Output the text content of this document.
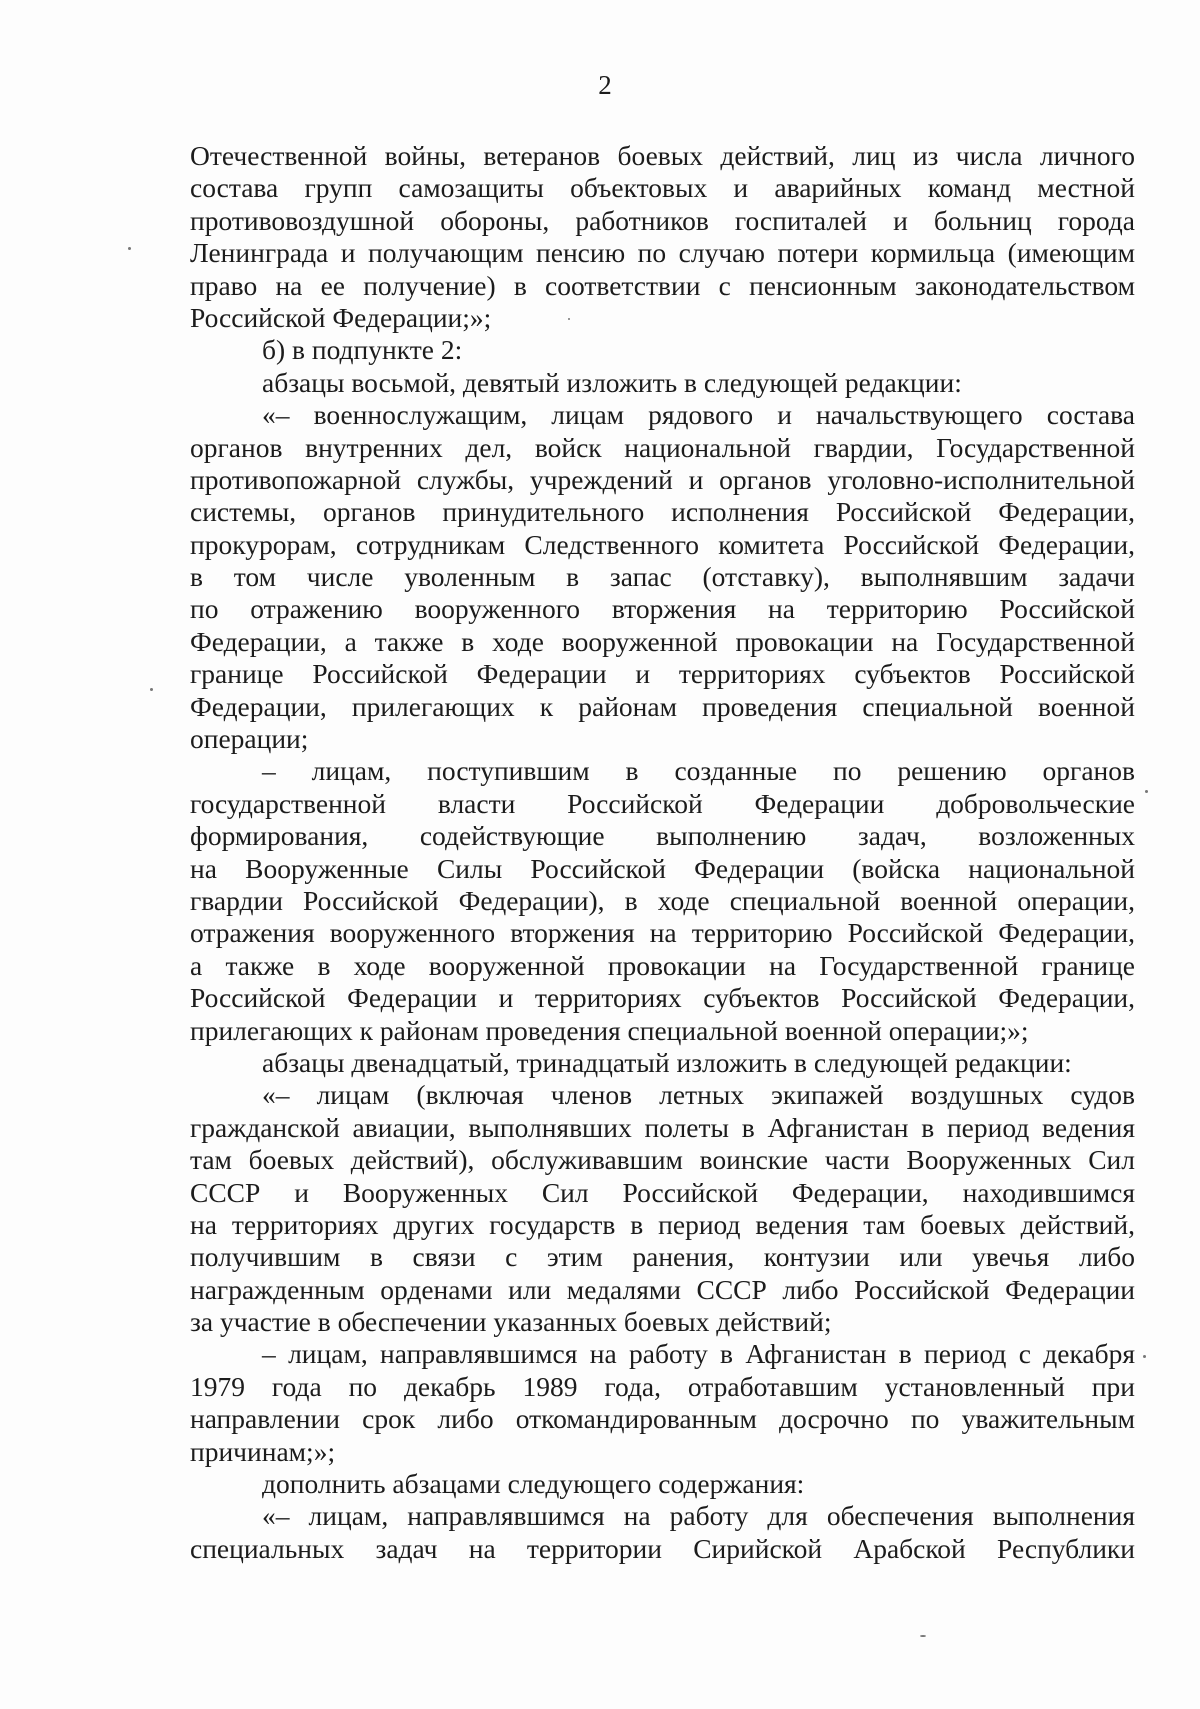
2
Отечественной войны, ветеранов боевых действий, лиц из числа личного
состава групп самозащиты объектовых и аварийных команд местной
противовоздушной обороны, работников госпиталей и больниц города
Ленинграда и получающим пенсию по случаю потери кормильца (имеющим
право на ее получение) в соответствии с пенсионным законодательством
Российской Федерации;»;
б) в подпункте 2:
абзацы восьмой, девятый изложить в следующей редакции:
«– военнослужащим, лицам рядового и начальствующего состава
органов внутренних дел, войск национальной гвардии, Государственной
противопожарной службы, учреждений и органов уголовно-исполнительной
системы, органов принудительного исполнения Российской Федерации,
прокурорам, сотрудникам Следственного комитета Российской Федерации,
в том числе уволенным в запас (отставку), выполнявшим задачи
по отражению вооруженного вторжения на территорию Российской
Федерации, а также в ходе вооруженной провокации на Государственной
границе Российской Федерации и территориях субъектов Российской
Федерации, прилегающих к районам проведения специальной военной
операции;
– лицам, поступившим в созданные по решению органов
государственной власти Российской Федерации добровольческие
формирования, содействующие выполнению задач, возложенных
на Вооруженные Силы Российской Федерации (войска национальной
гвардии Российской Федерации), в ходе специальной военной операции,
отражения вооруженного вторжения на территорию Российской Федерации,
а также в ходе вооруженной провокации на Государственной границе
Российской Федерации и территориях субъектов Российской Федерации,
прилегающих к районам проведения специальной военной операции;»;
абзацы двенадцатый, тринадцатый изложить в следующей редакции:
«– лицам (включая членов летных экипажей воздушных судов
гражданской авиации, выполнявших полеты в Афганистан в период ведения
там боевых действий), обслуживавшим воинские части Вооруженных Сил
СССР и Вооруженных Сил Российской Федерации, находившимся
на территориях других государств в период ведения там боевых действий,
получившим в связи с этим ранения, контузии или увечья либо
награжденным орденами или медалями СССР либо Российской Федерации
за участие в обеспечении указанных боевых действий;
– лицам, направлявшимся на работу в Афганистан в период с декабря
1979 года по декабрь 1989 года, отработавшим установленный при
направлении срок либо откомандированным досрочно по уважительным
причинам;»;
дополнить абзацами следующего содержания:
«– лицам, направлявшимся на работу для обеспечения выполнения
специальных задач на территории Сирийской Арабской Республики
